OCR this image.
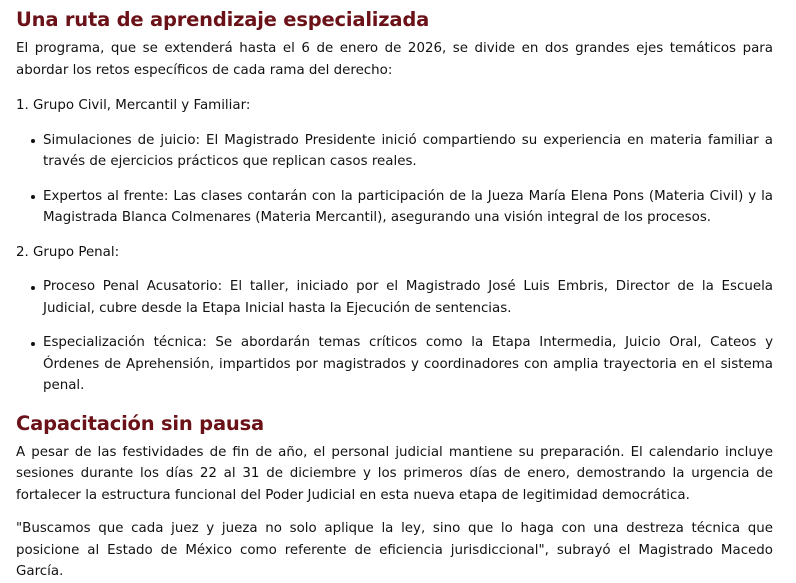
Una ruta de aprendizaje especializada

El programa, que se extenderá hasta el 6 de enero de 2026, se divide en dos grandes ejes temáticos para abordar los retos específicos de cada rama del derecho:

1. Grupo Civil, Mercantil y Familiar:

Simulaciones de juicio: El Magistrado Presidente inició compartiendo su experiencia en materia familiar a través de ejercicios prácticos que replican casos reales.
Expertos al frente: Las clases contarán con la participación de la Jueza María Elena Pons (Materia Civil) y la Magistrada Blanca Colmenares (Materia Mercantil), asegurando una visión integral de los procesos.

2. Grupo Penal:

Proceso Penal Acusatorio: El taller, iniciado por el Magistrado José Luis Embris, Director de la Escuela Judicial, cubre desde la Etapa Inicial hasta la Ejecución de sentencias.
Especialización técnica: Se abordarán temas críticos como la Etapa Intermedia, Juicio Oral, Cateos y Órdenes de Aprehensión, impartidos por magistrados y coordinadores con amplia trayectoria en el sistema penal.
Capacitación sin pausa

A pesar de las festividades de fin de año, el personal judicial mantiene su preparación. El calendario incluye sesiones durante los días 22 al 31 de diciembre y los primeros días de enero, demostrando la urgencia de fortalecer la estructura funcional del Poder Judicial en esta nueva etapa de legitimidad democrática.

"Buscamos que cada juez y jueza no solo aplique la ley, sino que lo haga con una destreza técnica que posicione al Estado de México como referente de eficiencia jurisdiccional", subrayó el Magistrado Macedo García.
